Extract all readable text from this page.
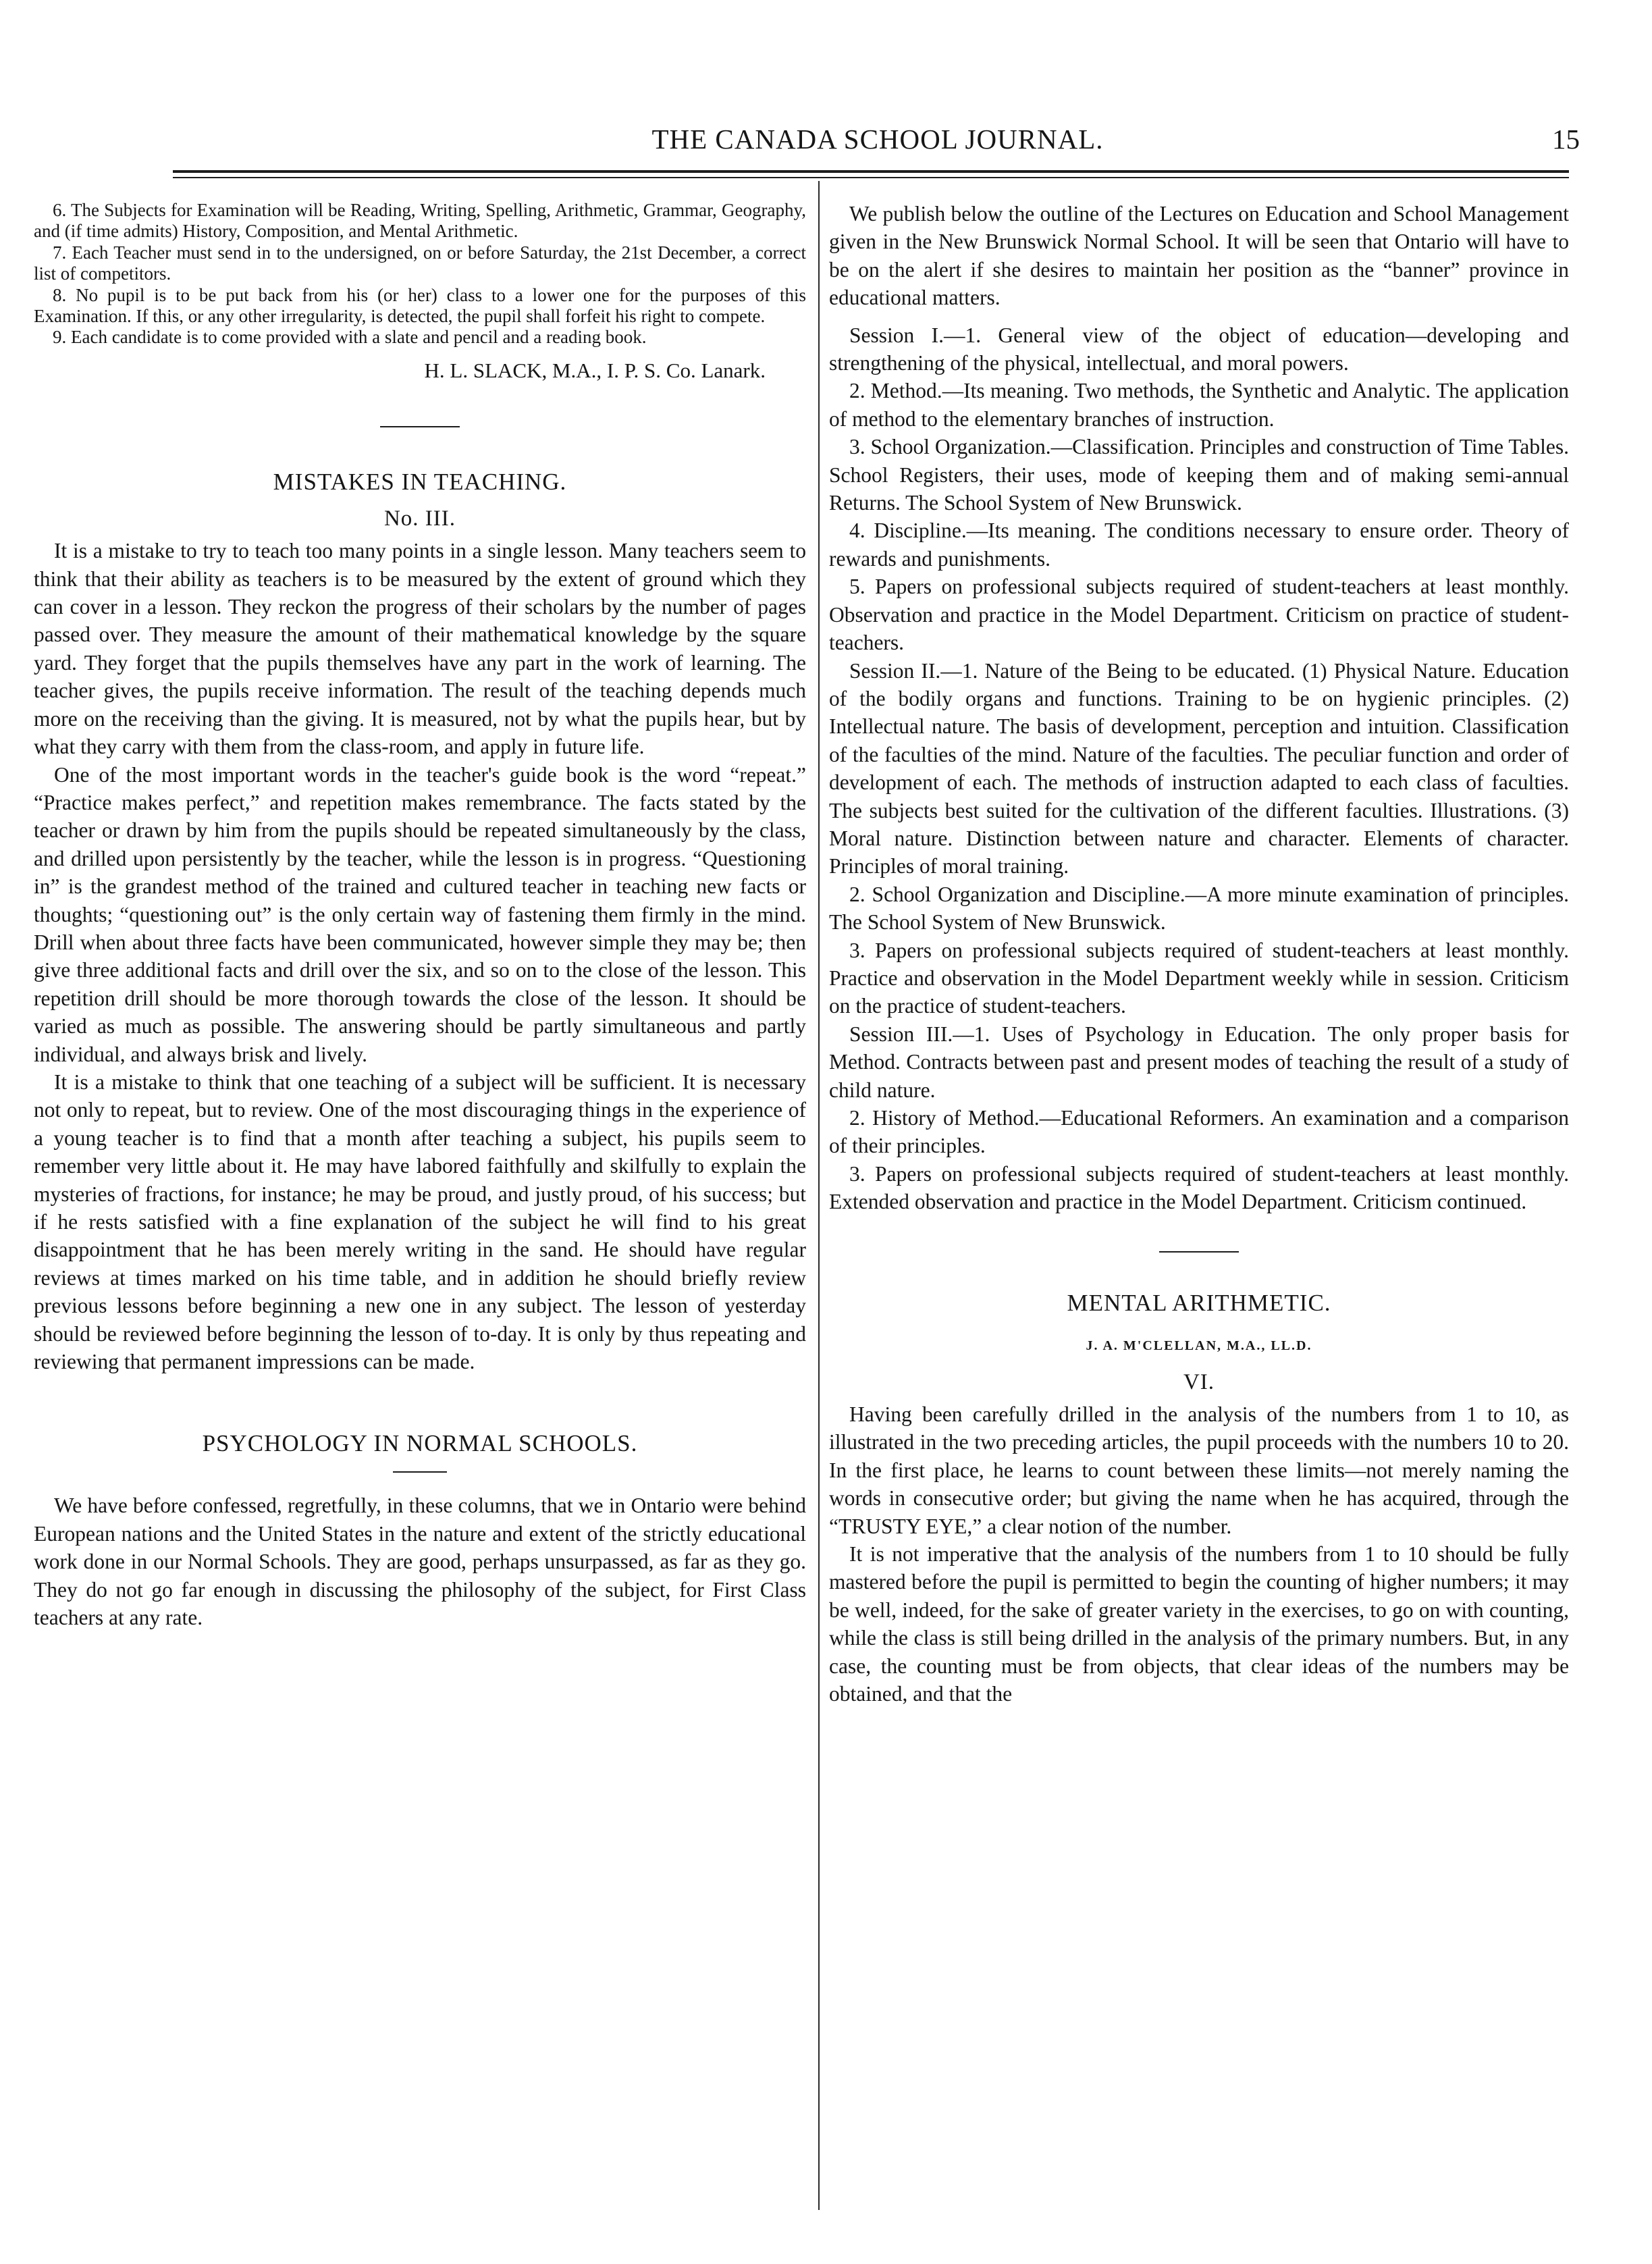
THE CANADA SCHOOL JOURNAL.	15

6. The Subjects for Examination will be Reading, Writing, Spelling, Arithmetic, Grammar, Geography, and (if time admits) History, Composition, and Mental Arithmetic.

7. Each Teacher must send in to the undersigned, on or before Saturday, the 21st December, a correct list of competitors.

8. No pupil is to be put back from his (or her) class to a lower one for the purposes of this Examination. If this, or any other irregularity, is detected, the pupil shall forfeit his right to compete.

9. Each candidate is to come provided with a slate and pencil and a reading book.

H. L. SLACK, M.A., I. P. S. Co. Lanark.
MISTAKES IN TEACHING.
No. III.

It is a mistake to try to teach too many points in a single lesson. Many teachers seem to think that their ability as teachers is to be measured by the extent of ground which they can cover in a lesson. They reckon the progress of their scholars by the number of pages passed over. They measure the amount of their mathematical knowledge by the square yard. They forget that the pupils themselves have any part in the work of learning. The teacher gives, the pupils receive information. The result of the teaching depends much more on the receiving than the giving. It is measured, not by what the pupils hear, but by what they carry with them from the class-room, and apply in future life.

One of the most important words in the teacher's guide book is the word “repeat.” “Practice makes perfect,” and repetition makes remembrance. The facts stated by the teacher or drawn by him from the pupils should be repeated simultaneously by the class, and drilled upon persistently by the teacher, while the lesson is in progress. “Questioning in” is the grandest method of the trained and cultured teacher in teaching new facts or thoughts; “questioning out” is the only certain way of fastening them firmly in the mind. Drill when about three facts have been communicated, however simple they may be; then give three additional facts and drill over the six, and so on to the close of the lesson. This repetition drill should be more thorough towards the close of the lesson. It should be varied as much as possible. The answering should be partly simultaneous and partly individual, and always brisk and lively.

It is a mistake to think that one teaching of a subject will be sufficient. It is necessary not only to repeat, but to review. One of the most discouraging things in the experience of a young teacher is to find that a month after teaching a subject, his pupils seem to remember very little about it. He may have labored faithfully and skilfully to explain the mysteries of fractions, for instance; he may be proud, and justly proud, of his success; but if he rests satisfied with a fine explanation of the subject he will find to his great disappointment that he has been merely writing in the sand. He should have regular reviews at times marked on his time table, and in addition he should briefly review previous lessons before beginning a new one in any subject. The lesson of yesterday should be reviewed before beginning the lesson of to-day. It is only by thus repeating and reviewing that permanent impressions can be made.

PSYCHOLOGY IN NORMAL SCHOOLS.

We have before confessed, regretfully, in these columns, that we in Ontario were behind European nations and the United States in the nature and extent of the strictly educational work done in our Normal Schools. They are good, perhaps unsurpassed, as far as they go. They do not go far enough in discussing the philosophy of the subject, for First Class teachers at any rate.

We publish below the outline of the Lectures on Education and School Management given in the New Brunswick Normal School. It will be seen that Ontario will have to be on the alert if she desires to maintain her position as the “banner” province in educational matters.

Session I.—1. General view of the object of education—developing and strengthening of the physical, intellectual, and moral powers.

2. Method.—Its meaning. Two methods, the Synthetic and Analytic. The application of method to the elementary branches of instruction.

3. School Organization.—Classification. Principles and construction of Time Tables. School Registers, their uses, mode of keeping them and of making semi-annual Returns. The School System of New Brunswick.

4. Discipline.—Its meaning. The conditions necessary to ensure order. Theory of rewards and punishments.

5. Papers on professional subjects required of student-teachers at least monthly. Observation and practice in the Model Department. Criticism on practice of student-teachers.

Session II.—1. Nature of the Being to be educated. (1) Physical Nature. Education of the bodily organs and functions. Training to be on hygienic principles. (2) Intellectual nature. The basis of development, perception and intuition. Classification of the faculties of the mind. Nature of the faculties. The peculiar function and order of development of each. The methods of instruction adapted to each class of faculties. The subjects best suited for the cultivation of the different faculties. Illustrations. (3) Moral nature. Distinction between nature and character. Elements of character. Principles of moral training.

2. School Organization and Discipline.—A more minute examination of principles. The School System of New Brunswick.

3. Papers on professional subjects required of student-teachers at least monthly. Practice and observation in the Model Department weekly while in session. Criticism on the practice of student-teachers.

Session III.—1. Uses of Psychology in Education. The only proper basis for Method. Contracts between past and present modes of teaching the result of a study of child nature.

2. History of Method.—Educational Reformers. An examination and a comparison of their principles.

3. Papers on professional subjects required of student-teachers at least monthly. Extended observation and practice in the Model Department. Criticism continued.

MENTAL ARITHMETIC.
J. A. M'CLELLAN, M.A., LL.D.
VI.

Having been carefully drilled in the analysis of the numbers from 1 to 10, as illustrated in the two preceding articles, the pupil proceeds with the numbers 10 to 20. In the first place, he learns to count between these limits—not merely naming the words in consecutive order; but giving the name when he has acquired, through the “TRUSTY EYE,” a clear notion of the number.

It is not imperative that the analysis of the numbers from 1 to 10 should be fully mastered before the pupil is permitted to begin the counting of higher numbers; it may be well, indeed, for the sake of greater variety in the exercises, to go on with counting, while the class is still being drilled in the analysis of the primary numbers. But, in any case, the counting must be from objects, that clear ideas of the numbers may be obtained, and that the
